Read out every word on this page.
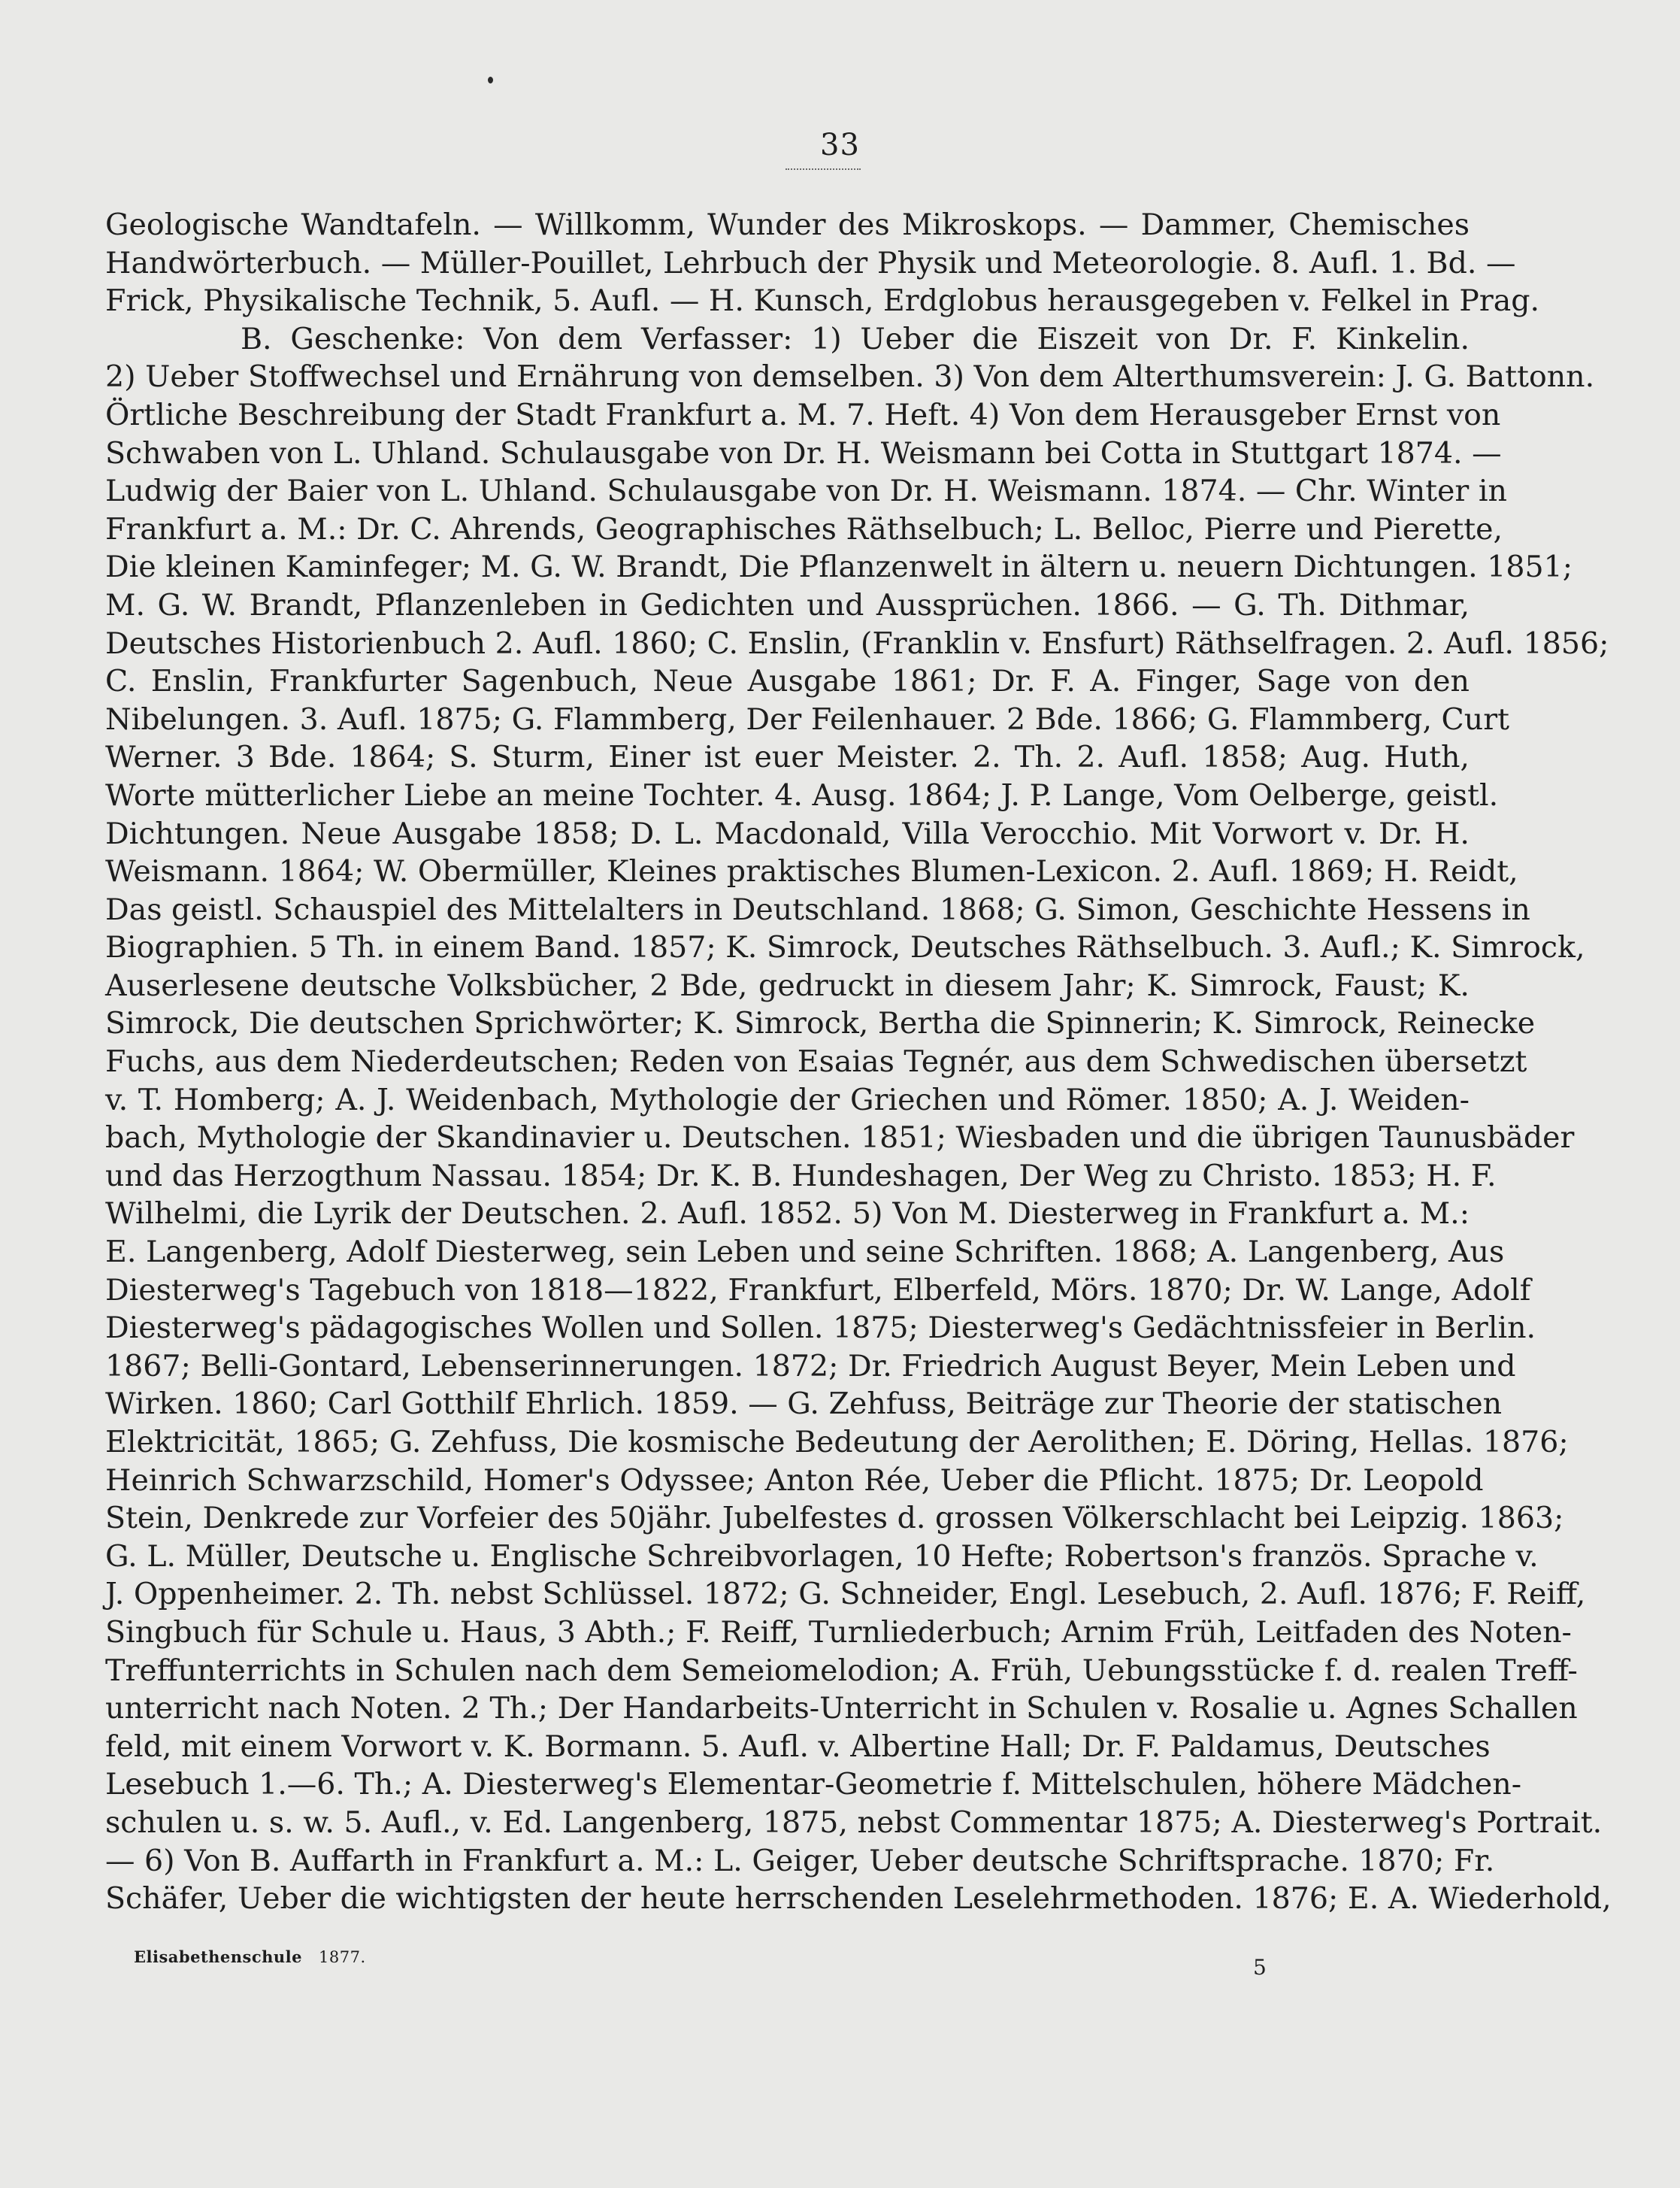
33
Geologische Wandtafeln. — Willkomm, Wunder des Mikroskops. — Dammer, Chemisches
Handwörterbuch. — Müller-Pouillet, Lehrbuch der Physik und Meteorologie. 8. Aufl. 1. Bd. —
Frick, Physikalische Technik, 5. Aufl. — H. Kunsch, Erdglobus herausgegeben v. Felkel in Prag.
B. Geschenke: Von dem Verfasser: 1) Ueber die Eiszeit von Dr. F. Kinkelin.
2) Ueber Stoffwechsel und Ernährung von demselben. 3) Von dem Alterthumsverein: J. G. Battonn.
Örtliche Beschreibung der Stadt Frankfurt a. M. 7. Heft. 4) Von dem Herausgeber Ernst von
Schwaben von L. Uhland. Schulausgabe von Dr. H. Weismann bei Cotta in Stuttgart 1874. —
Ludwig der Baier von L. Uhland. Schulausgabe von Dr. H. Weismann. 1874. — Chr. Winter in
Frankfurt a. M.: Dr. C. Ahrends, Geographisches Räthselbuch; L. Belloc, Pierre und Pierette,
Die kleinen Kaminfeger; M. G. W. Brandt, Die Pflanzenwelt in ältern u. neuern Dichtungen. 1851;
M. G. W. Brandt, Pflanzenleben in Gedichten und Aussprüchen. 1866. — G. Th. Dithmar,
Deutsches Historienbuch 2. Aufl. 1860; C. Enslin, (Franklin v. Ensfurt) Räthselfragen. 2. Aufl. 1856;
C. Enslin, Frankfurter Sagenbuch, Neue Ausgabe 1861; Dr. F. A. Finger, Sage von den
Nibelungen. 3. Aufl. 1875; G. Flammberg, Der Feilenhauer. 2 Bde. 1866; G. Flammberg, Curt
Werner. 3 Bde. 1864; S. Sturm, Einer ist euer Meister. 2. Th. 2. Aufl. 1858; Aug. Huth,
Worte mütterlicher Liebe an meine Tochter. 4. Ausg. 1864; J. P. Lange, Vom Oelberge, geistl.
Dichtungen. Neue Ausgabe 1858; D. L. Macdonald, Villa Verocchio. Mit Vorwort v. Dr. H.
Weismann. 1864; W. Obermüller, Kleines praktisches Blumen-Lexicon. 2. Aufl. 1869; H. Reidt,
Das geistl. Schauspiel des Mittelalters in Deutschland. 1868; G. Simon, Geschichte Hessens in
Biographien. 5 Th. in einem Band. 1857; K. Simrock, Deutsches Räthselbuch. 3. Aufl.; K. Simrock,
Auserlesene deutsche Volksbücher, 2 Bde, gedruckt in diesem Jahr; K. Simrock, Faust; K.
Simrock, Die deutschen Sprichwörter; K. Simrock, Bertha die Spinnerin; K. Simrock, Reinecke
Fuchs, aus dem Niederdeutschen; Reden von Esaias Tegnér, aus dem Schwedischen übersetzt
v. T. Homberg; A. J. Weidenbach, Mythologie der Griechen und Römer. 1850; A. J. Weiden-
bach, Mythologie der Skandinavier u. Deutschen. 1851; Wiesbaden und die übrigen Taunusbäder
und das Herzogthum Nassau. 1854; Dr. K. B. Hundeshagen, Der Weg zu Christo. 1853; H. F.
Wilhelmi, die Lyrik der Deutschen. 2. Aufl. 1852. 5) Von M. Diesterweg in Frankfurt a. M.:
E. Langenberg, Adolf Diesterweg, sein Leben und seine Schriften. 1868; A. Langenberg, Aus
Diesterweg's Tagebuch von 1818—1822, Frankfurt, Elberfeld, Mörs. 1870; Dr. W. Lange, Adolf
Diesterweg's pädagogisches Wollen und Sollen. 1875; Diesterweg's Gedächtnissfeier in Berlin.
1867; Belli-Gontard, Lebenserinnerungen. 1872; Dr. Friedrich August Beyer, Mein Leben und
Wirken. 1860; Carl Gotthilf Ehrlich. 1859. — G. Zehfuss, Beiträge zur Theorie der statischen
Elektricität, 1865; G. Zehfuss, Die kosmische Bedeutung der Aerolithen; E. Döring, Hellas. 1876;
Heinrich Schwarzschild, Homer's Odyssee; Anton Rée, Ueber die Pflicht. 1875; Dr. Leopold
Stein, Denkrede zur Vorfeier des 50jähr. Jubelfestes d. grossen Völkerschlacht bei Leipzig. 1863;
G. L. Müller, Deutsche u. Englische Schreibvorlagen, 10 Hefte; Robertson's französ. Sprache v.
J. Oppenheimer. 2. Th. nebst Schlüssel. 1872; G. Schneider, Engl. Lesebuch, 2. Aufl. 1876; F. Reiff,
Singbuch für Schule u. Haus, 3 Abth.; F. Reiff, Turnliederbuch; Arnim Früh, Leitfaden des Noten-
Treffunterrichts in Schulen nach dem Semeiomelodion; A. Früh, Uebungsstücke f. d. realen Treff-
unterricht nach Noten. 2 Th.; Der Handarbeits-Unterricht in Schulen v. Rosalie u. Agnes Schallen
feld, mit einem Vorwort v. K. Bormann. 5. Aufl. v. Albertine Hall; Dr. F. Paldamus, Deutsches
Lesebuch 1.—6. Th.; A. Diesterweg's Elementar-Geometrie f. Mittelschulen, höhere Mädchen-
schulen u. s. w. 5. Aufl., v. Ed. Langenberg, 1875, nebst Commentar 1875; A. Diesterweg's Portrait.
— 6) Von B. Auffarth in Frankfurt a. M.: L. Geiger, Ueber deutsche Schriftsprache. 1870; Fr.
Schäfer, Ueber die wichtigsten der heute herrschenden Leselehrmethoden. 1876; E. A. Wiederhold,
Elisabethenschule 1877.	5
